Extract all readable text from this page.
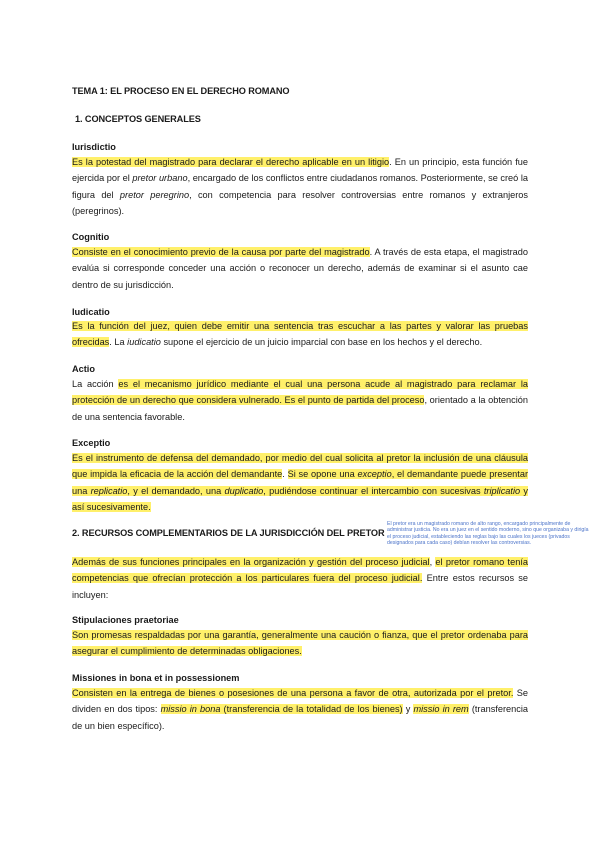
TEMA 1: EL PROCESO EN EL DERECHO ROMANO
1. CONCEPTOS GENERALES
Iurisdictio
Es la potestad del magistrado para declarar el derecho aplicable en un litigio. En un principio, esta función fue ejercida por el pretor urbano, encargado de los conflictos entre ciudadanos romanos. Posteriormente, se creó la figura del pretor peregrino, con competencia para resolver controversias entre romanos y extranjeros (peregrinos).
Cognitio
Consiste en el conocimiento previo de la causa por parte del magistrado. A través de esta etapa, el magistrado evalúa si corresponde conceder una acción o reconocer un derecho, además de examinar si el asunto cae dentro de su jurisdicción.
Iudicatio
Es la función del juez, quien debe emitir una sentencia tras escuchar a las partes y valorar las pruebas ofrecidas. La iudicatio supone el ejercicio de un juicio imparcial con base en los hechos y el derecho.
Actio
La acción es el mecanismo jurídico mediante el cual una persona acude al magistrado para reclamar la protección de un derecho que considera vulnerado. Es el punto de partida del proceso, orientado a la obtención de una sentencia favorable.
Exceptio
Es el instrumento de defensa del demandado, por medio del cual solicita al pretor la inclusión de una cláusula que impida la eficacia de la acción del demandante. Si se opone una exceptio, el demandante puede presentar una replicatio, y el demandado, una duplicatio, pudiéndose continuar el intercambio con sucesivas triplicatio y así sucesivamente.
2. RECURSOS COMPLEMENTARIOS DE LA JURISDICCIÓN DEL PRETOR
Además de sus funciones principales en la organización y gestión del proceso judicial, el pretor romano tenía competencias que ofrecían protección a los particulares fuera del proceso judicial. Entre estos recursos se incluyen:
Stipulaciones praetoriae
Son promesas respaldadas por una garantía, generalmente una caución o fianza, que el pretor ordenaba para asegurar el cumplimiento de determinadas obligaciones.
Missiones in bona et in possessionem
Consisten en la entrega de bienes o posesiones de una persona a favor de otra, autorizada por el pretor. Se dividen en dos tipos: missio in bona (transferencia de la totalidad de los bienes) y missio in rem (transferencia de un bien específico).
El pretor era un magistrado romano de alto rango, encargado principalmente de administrar justicia. No era un juez en el sentido moderno, sino que organizaba y dirigía el proceso judicial, estableciendo las reglas bajo las cuales los jueces (privados designados para cada caso) debían resolver las controversias.
